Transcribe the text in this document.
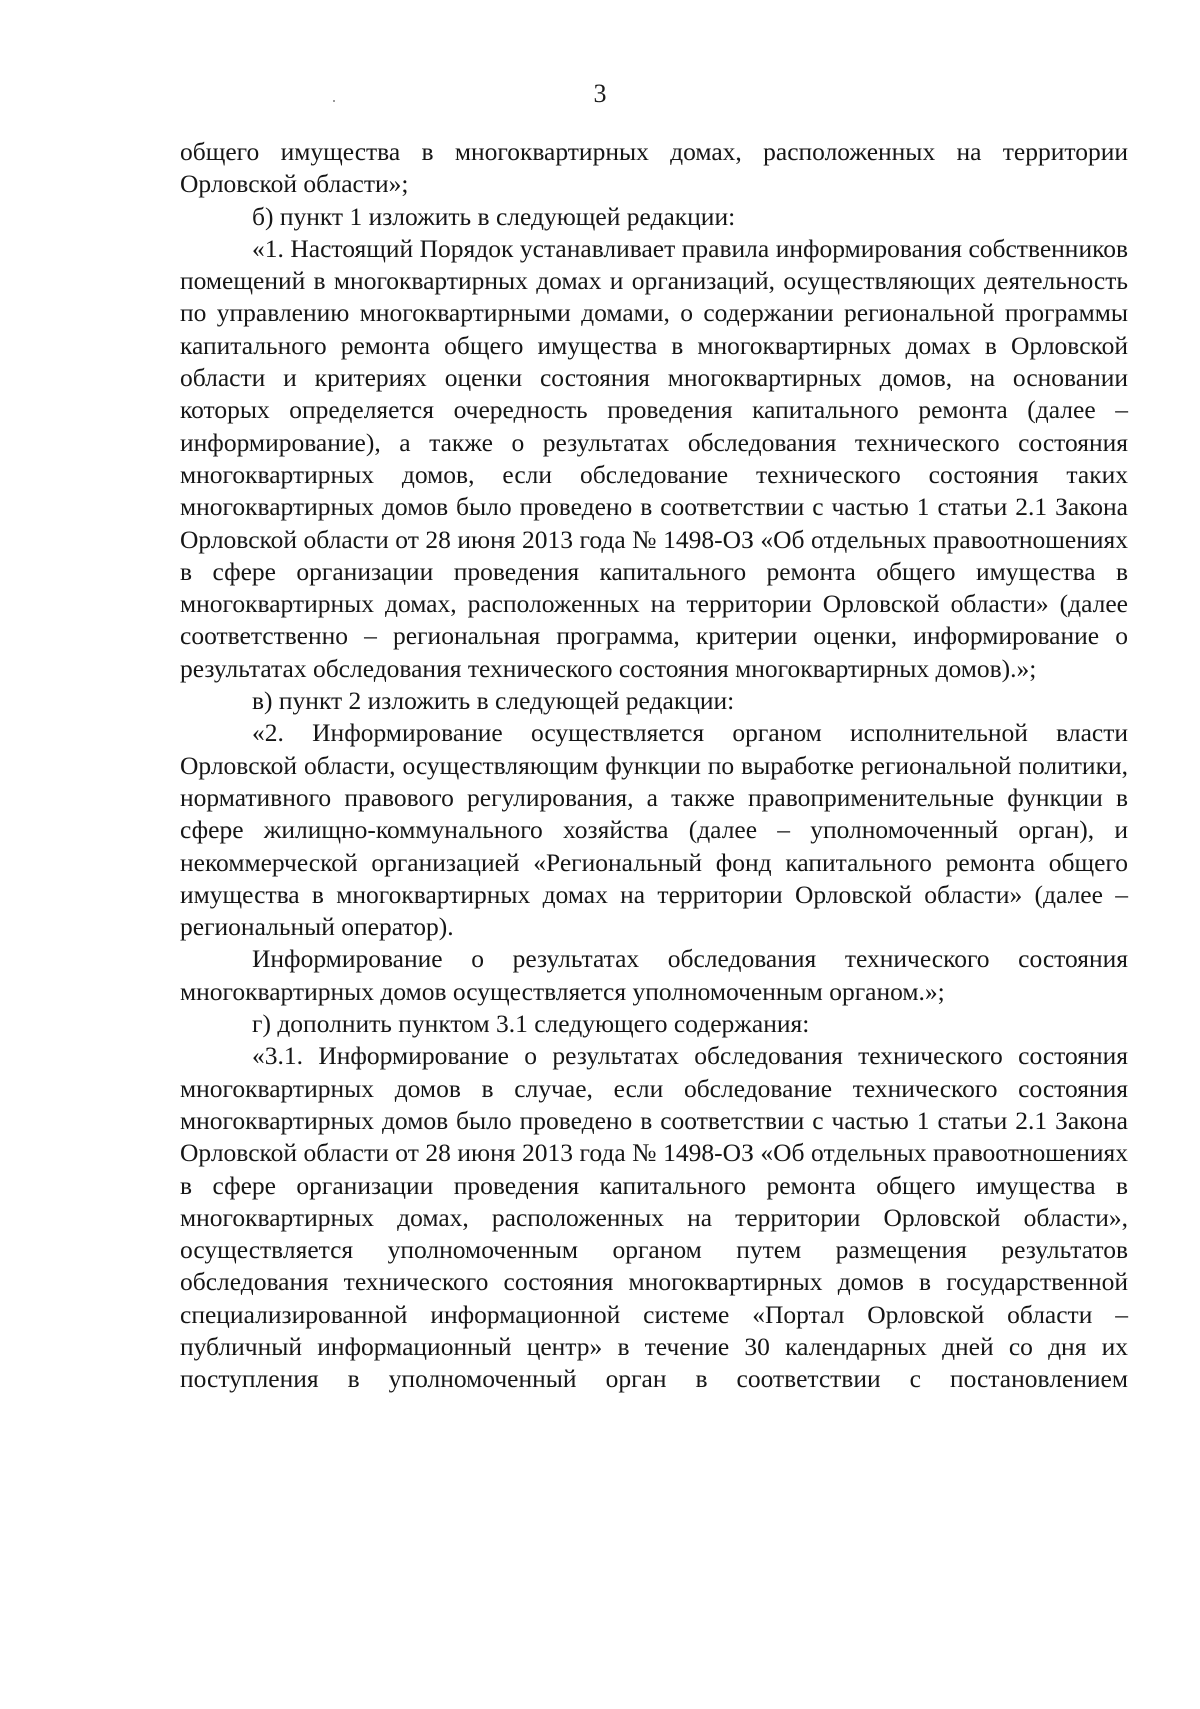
3

общего имущества в многоквартирных домах, расположенных на территории Орловской области»;

б) пункт 1 изложить в следующей редакции:

«1. Настоящий Порядок устанавливает правила информирования собственников помещений в многоквартирных домах и организаций, осуществляющих деятельность по управлению многоквартирными домами, о содержании региональной программы капитального ремонта общего имущества в многоквартирных домах в Орловской области и критериях оценки состояния многоквартирных домов, на основании которых определяется очередность проведения капитального ремонта (далее – информирование), а также о результатах обследования технического состояния многоквартирных домов, если обследование технического состояния таких многоквартирных домов было проведено в соответствии с частью 1 статьи 2.1 Закона Орловской области от 28 июня 2013 года № 1498-ОЗ «Об отдельных правоотношениях в сфере организации проведения капитального ремонта общего имущества в многоквартирных домах, расположенных на территории Орловской области» (далее соответственно – региональная программа, критерии оценки, информирование о результатах обследования технического состояния многоквартирных домов).»;

в) пункт 2 изложить в следующей редакции:

«2. Информирование осуществляется органом исполнительной власти Орловской области, осуществляющим функции по выработке региональной политики, нормативного правового регулирования, а также правоприменительные функции в сфере жилищно-коммунального хозяйства (далее – уполномоченный орган), и некоммерческой организацией «Региональный фонд капитального ремонта общего имущества в многоквартирных домах на территории Орловской области» (далее – региональный оператор).

Информирование о результатах обследования технического состояния многоквартирных домов осуществляется уполномоченным органом.»;

г) дополнить пунктом 3.1 следующего содержания:

«3.1. Информирование о результатах обследования технического состояния многоквартирных домов в случае, если обследование технического состояния многоквартирных домов было проведено в соответствии с частью 1 статьи 2.1 Закона Орловской области от 28 июня 2013 года № 1498-ОЗ «Об отдельных правоотношениях в сфере организации проведения капитального ремонта общего имущества в многоквартирных домах, расположенных на территории Орловской области», осуществляется уполномоченным органом путем размещения результатов обследования технического состояния многоквартирных домов в государственной специализированной информационной системе «Портал Орловской области – публичный информационный центр» в течение 30 календарных дней со дня их поступления в уполномоченный орган в соответствии с постановлением
